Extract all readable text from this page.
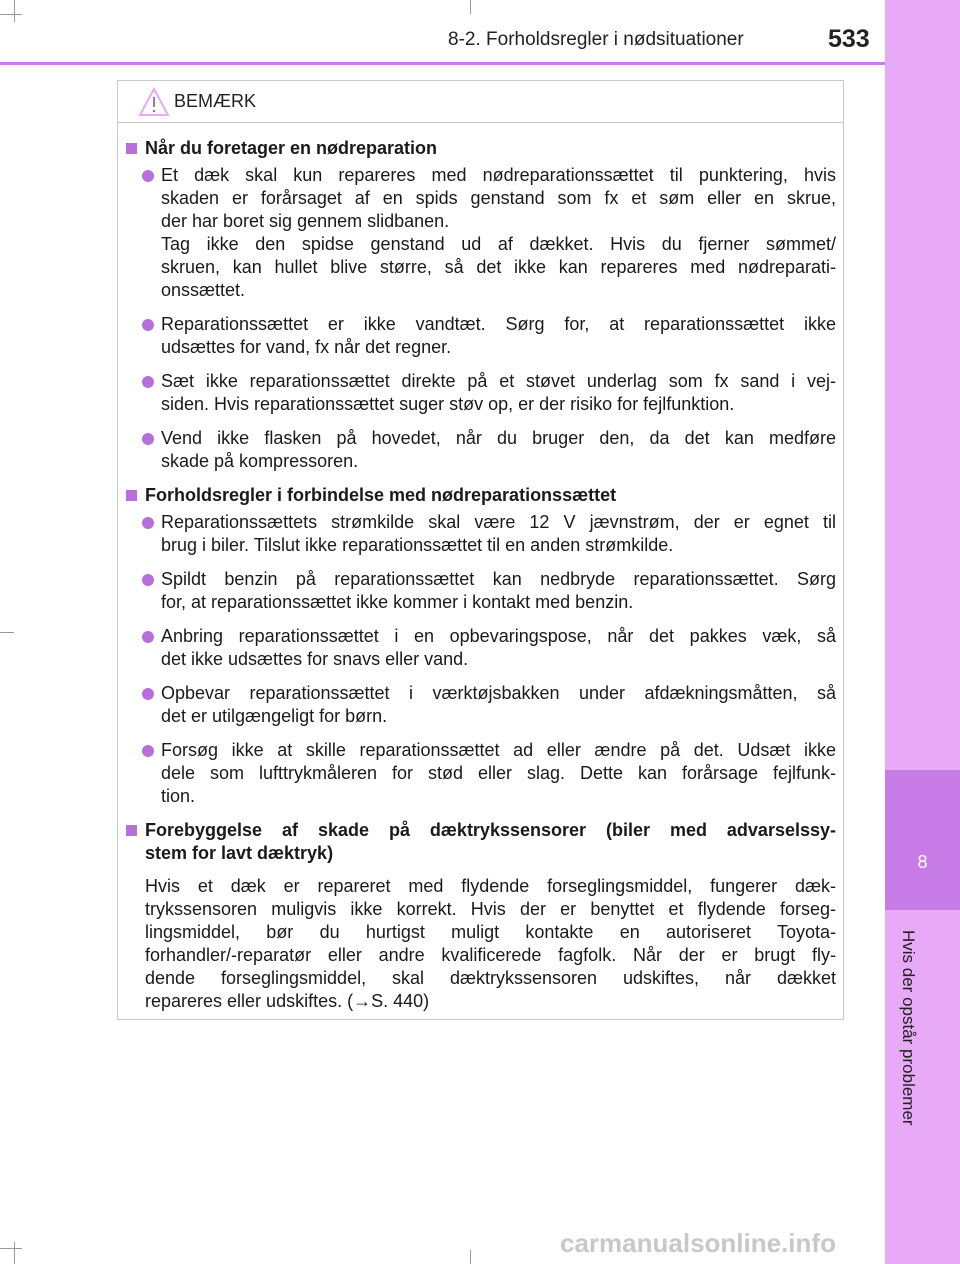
8-2. Forholdsregler i nødsituationer	533
8
Hvis der opstår problemer
BEMÆRK
Når du foretager en nødreparation
Et dæk skal kun repareres med nødreparationssættet til punktering, hvis
skaden er forårsaget af en spids genstand som fx et søm eller en skrue,
der har boret sig gennem slidbanen.
Tag ikke den spidse genstand ud af dækket. Hvis du fjerner sømmet/
skruen, kan hullet blive større, så det ikke kan repareres med nødreparati-
onssættet.
Reparationssættet er ikke vandtæt. Sørg for, at reparationssættet ikke
udsættes for vand, fx når det regner.
Sæt ikke reparationssættet direkte på et støvet underlag som fx sand i vej-
siden. Hvis reparationssættet suger støv op, er der risiko for fejlfunktion.
Vend ikke flasken på hovedet, når du bruger den, da det kan medføre
skade på kompressoren.
Forholdsregler i forbindelse med nødreparationssættet
Reparationssættets strømkilde skal være 12 V jævnstrøm, der er egnet til
brug i biler. Tilslut ikke reparationssættet til en anden strømkilde.
Spildt benzin på reparationssættet kan nedbryde reparationssættet. Sørg
for, at reparationssættet ikke kommer i kontakt med benzin.
Anbring reparationssættet i en opbevaringspose, når det pakkes væk, så
det ikke udsættes for snavs eller vand.
Opbevar reparationssættet i værktøjsbakken under afdækningsmåtten, så
det er utilgængeligt for børn.
Forsøg ikke at skille reparationssættet ad eller ændre på det. Udsæt ikke
dele som lufttrykmåleren for stød eller slag. Dette kan forårsage fejlfunk-
tion.
Forebyggelse af skade på dæktrykssensorer (biler med advarselssy-
stem for lavt dæktryk)
Hvis et dæk er repareret med flydende forseglingsmiddel, fungerer dæk-
trykssensoren muligvis ikke korrekt. Hvis der er benyttet et flydende forseg-
lingsmiddel, bør du hurtigst muligt kontakte en autoriseret Toyota-
forhandler/-reparatør eller andre kvalificerede fagfolk. Når der er brugt fly-
dende forseglingsmiddel, skal dæktrykssensoren udskiftes, når dækket
repareres eller udskiftes. (→S. 440)
carmanualsonline.info
